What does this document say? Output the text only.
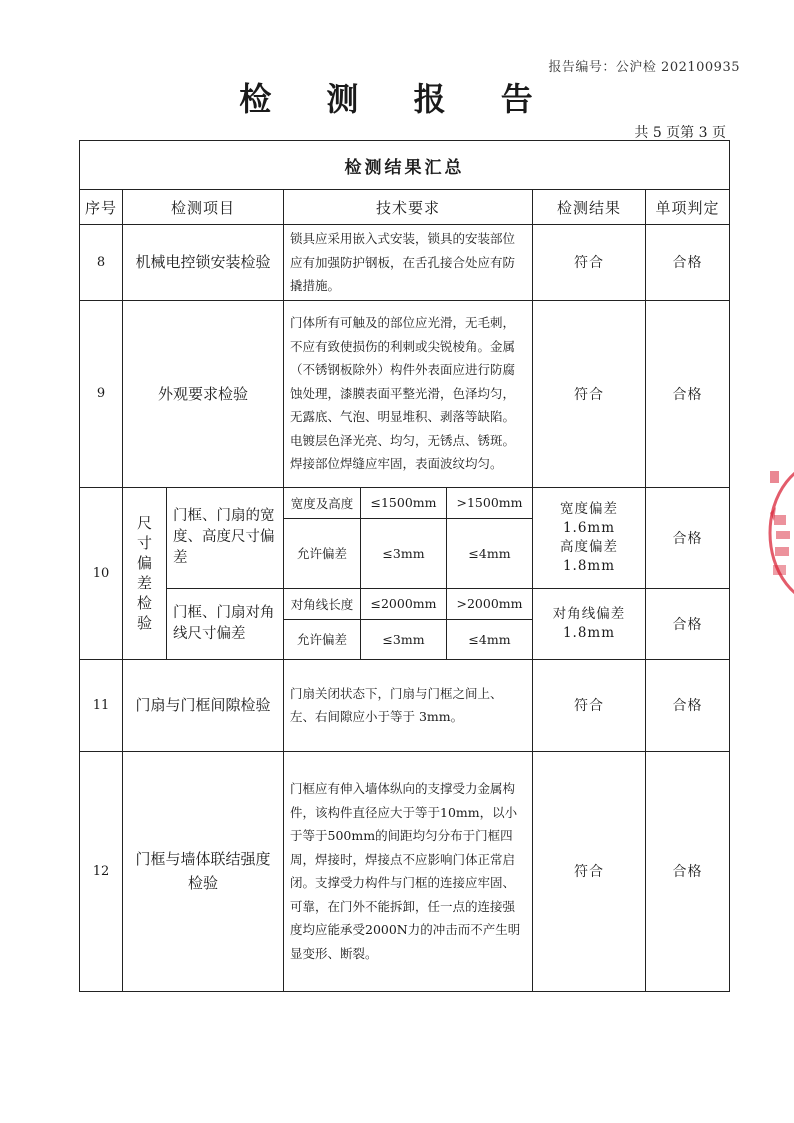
报告编号：公沪检 202100935
检 测 报 告
共 5 页第 3 页
检测结果汇总							
序号	检测项目		技术要求			检测结果	单项判定
8	机械电控锁安装检验		锁具应采用嵌入式安装，锁具的安装部位应有加强防护钢板，在舌孔接合处应有防撬措施。			符合	合格
9	外观要求检验		门体所有可触及的部位应光滑，无毛刺，不应有致使损伤的利刺或尖锐棱角。金属（不锈钢板除外）构件外表面应进行防腐蚀处理，漆膜表面平整光滑，色泽均匀，无露底、气泡、明显堆积、剥落等缺陷。电镀层色泽光亮、均匀，无锈点、锈斑。焊接部位焊缝应牢固，表面波纹均匀。			符合	合格
10	尺寸偏差检验	门框、门扇的宽度、高度尺寸偏差	宽度及高度	≤1500mm	>1500mm	宽度偏差
1.6mm
高度偏差
1.8mm	合格
			允许偏差	≤3mm	≤4mm		
		门框、门扇对角线尺寸偏差	对角线长度	≤2000mm	>2000mm	对角线偏差
1.8mm	合格
			允许偏差	≤3mm	≤4mm		
11	门扇与门框间隙检验		门扇关闭状态下，门扇与门框之间上、左、右间隙应小于等于 3mm。			符合	合格
12	门框与墙体联结强度检验		门框应有伸入墙体纵向的支撑受力金属构件，该构件直径应大于等于10mm，以小于等于500mm的间距均匀分布于门框四周，焊接时，焊接点不应影响门体正常启闭。支撑受力构件与门框的连接应牢固、可靠，在门外不能拆卸，任一点的连接强度均应能承受2000N力的冲击而不产生明显变形、断裂。			符合	合格
